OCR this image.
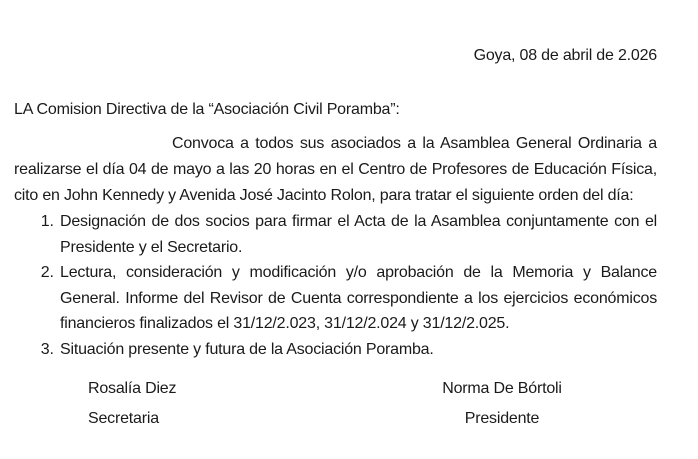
Goya, 08 de abril de 2.026

LA Comision Directiva de la “Asociación Civil Poramba”:

Convoca a todos sus asociados a la Asamblea General Ordinaria a realizarse el día 04 de mayo a las 20 horas en el Centro de Profesores de Educación Física, cito en John Kennedy y Avenida José Jacinto Rolon, para tratar el siguiente orden del día:

1. Designación de dos socios para firmar el Acta de la Asamblea conjuntamente con el Presidente y el Secretario.
2. Lectura, consideración y modificación y/o aprobación de la Memoria y Balance General. Informe del Revisor de Cuenta correspondiente a los ejercicios económicos financieros finalizados el 31/12/2.023, 31/12/2.024 y 31/12/2.025.
3. Situación presente y futura de la Asociación Poramba.
Rosalía Diez
Secretaria
Norma De Bórtoli
Presidente
